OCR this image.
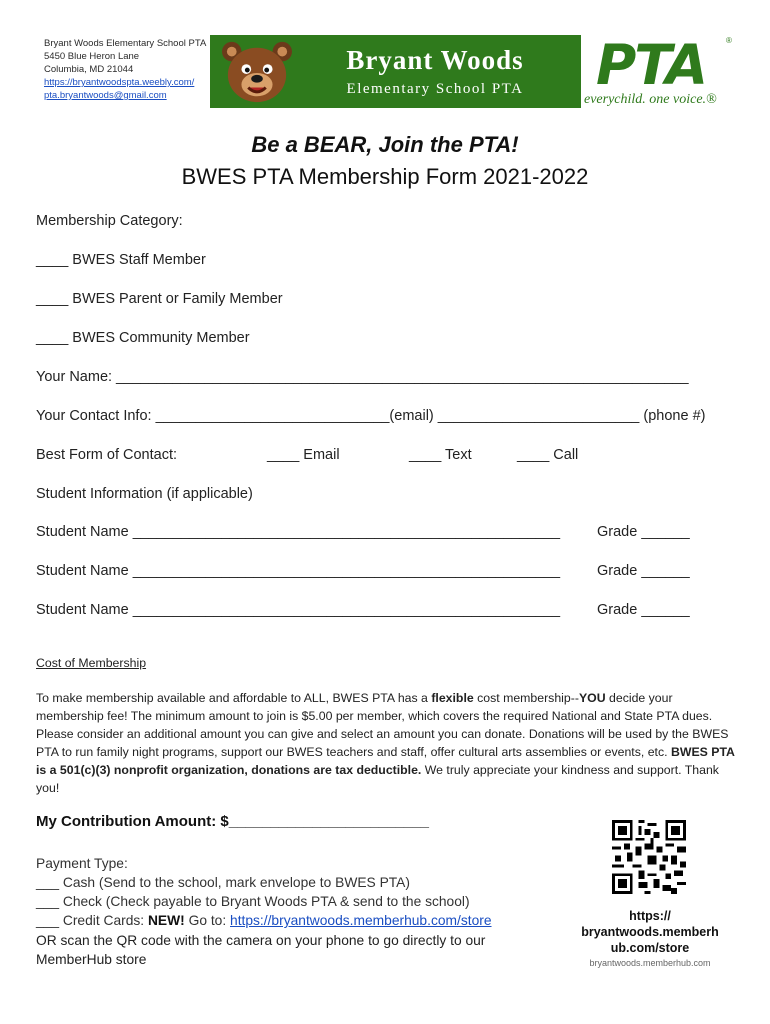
Bryant Woods Elementary School PTA
5450 Blue Heron Lane
Columbia, MD 21044
https://bryantwoodspta.weebly.com/
pta.bryantwoods@gmail.com
Bryant Woods
Elementary School PTA	PTA ®
everychild. one voice.®
Be a BEAR, Join the PTA!
BWES PTA Membership Form 2021-2022
Membership Category:
____ BWES Staff Member
____ BWES Parent or Family Member
____ BWES Community Member
Your Name: _______________________________________________________________________
Your Contact Info: _____________________________(email) _________________________ (phone #)
Best Form of Contact:	____ Email	____ Text	____ Call
Student Information (if applicable)
Student Name _____________________________________________________	Grade ______
Student Name _____________________________________________________	Grade ______
Student Name _____________________________________________________	Grade ______
Cost of Membership
To make membership available and affordable to ALL, BWES PTA has a flexible cost membership--YOU decide your membership fee! The minimum amount to join is $5.00 per member, which covers the required National and State PTA dues. Please consider an additional amount you can give and select an amount you can donate. Donations will be used by the BWES PTA to run family night programs, support our BWES teachers and staff, offer cultural arts assemblies or events, etc. BWES PTA is a 501(c)(3) nonprofit organization, donations are tax deductible. We truly appreciate your kindness and support. Thank you!
My Contribution Amount: $________________________
Payment Type:
___ Cash (Send to the school, mark envelope to BWES PTA)
___ Check (Check payable to Bryant Woods PTA & send to the school)
___ Credit Cards: NEW! Go to: https://bryantwoods.memberhub.com/store
OR scan the QR code with the camera on your phone to go directly to our
MemberHub store
https://
bryantwoods.memberh
ub.com/store
bryantwoods.memberhub.com
